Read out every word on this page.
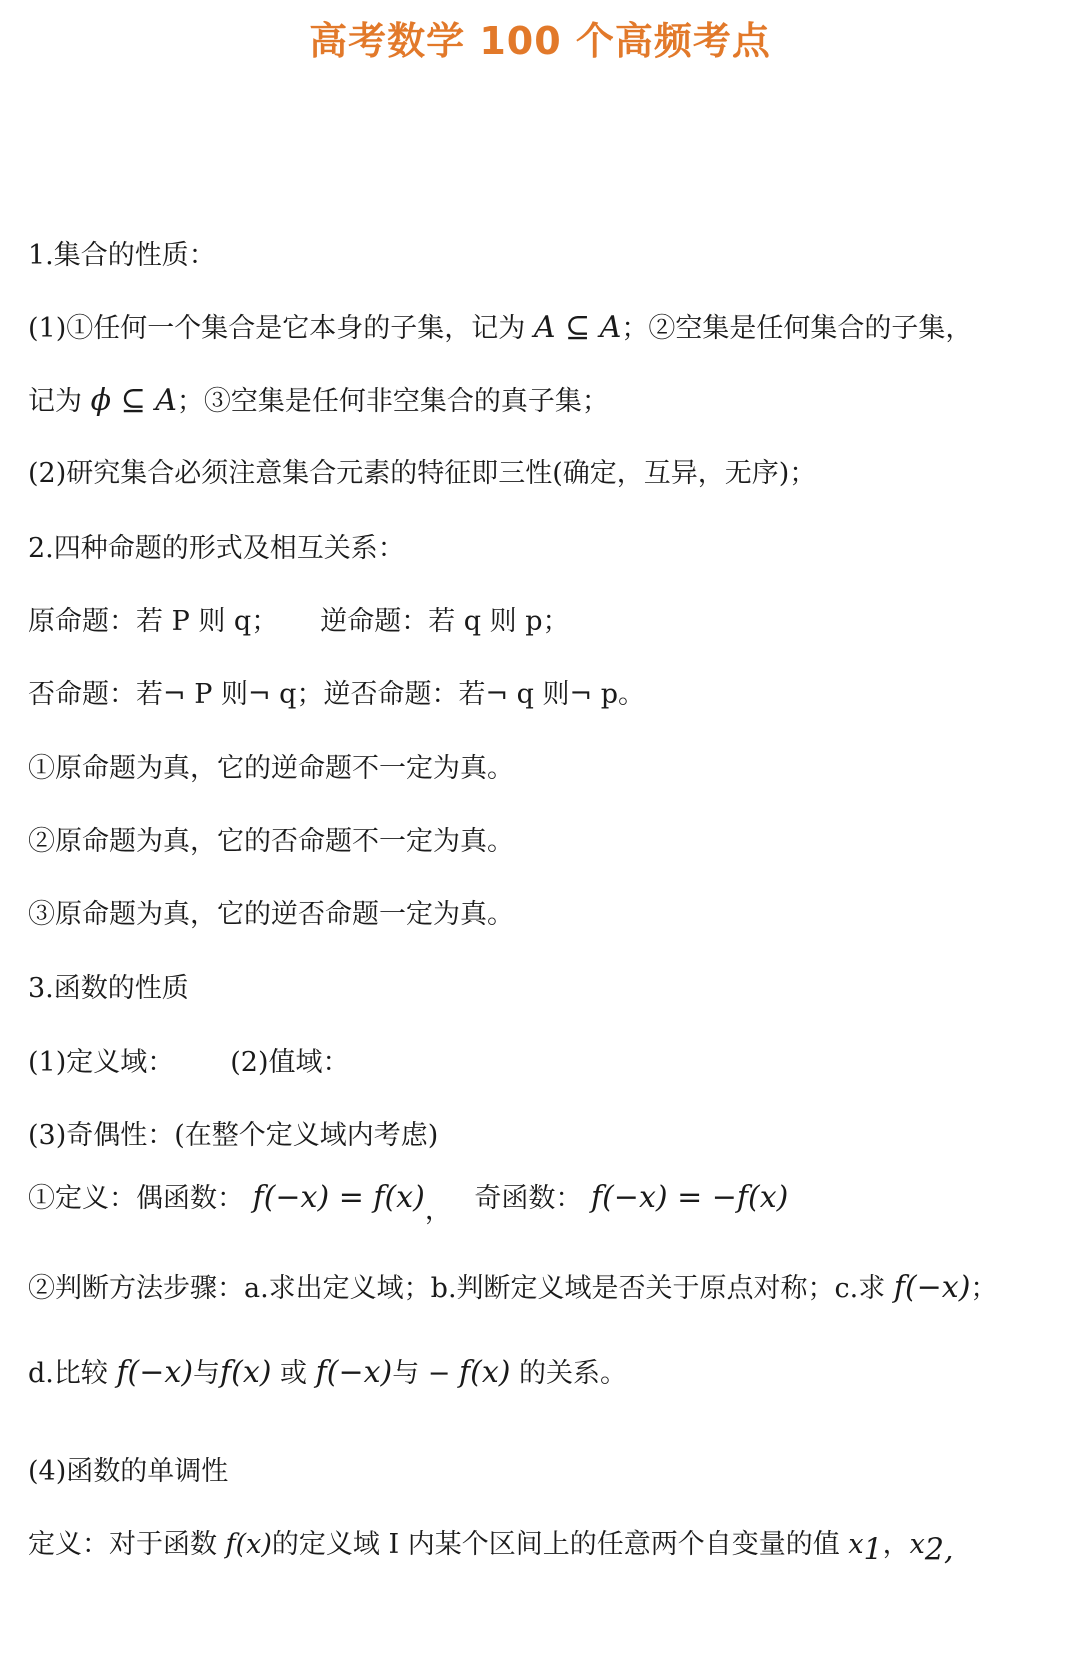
高考数学 100 个高频考点
1.集合的性质：
(1)①任何一个集合是它本身的子集，记为 A ⊆ A；②空集是任何集合的子集，
记为 ϕ ⊆ A；③空集是任何非空集合的真子集；
(2)研究集合必须注意集合元素的特征即三性(确定，互异，无序)；
2.四种命题的形式及相互关系：
原命题：若 P 则 q； 逆命题：若 q 则 p；
否命题：若¬ P 则¬ q；逆否命题：若¬ q 则¬ p。
①原命题为真，它的逆命题不一定为真。
②原命题为真，它的否命题不一定为真。
③原命题为真，它的逆否命题一定为真。
3.函数的性质
(1)定义域： (2)值域：
(3)奇偶性：(在整个定义域内考虑)
①定义：偶函数： f(−x) = f(x)， 奇函数： f(−x) = −f(x)
②判断方法步骤：a.求出定义域；b.判断定义域是否关于原点对称；c.求 f(−x)；
d.比较 f(−x)与f(x) 或 f(−x)与 − f(x) 的关系。
(4)函数的单调性
定义：对于函数 f(x)的定义域 I 内某个区间上的任意两个自变量的值 $x_1$，$x_{2,}$
